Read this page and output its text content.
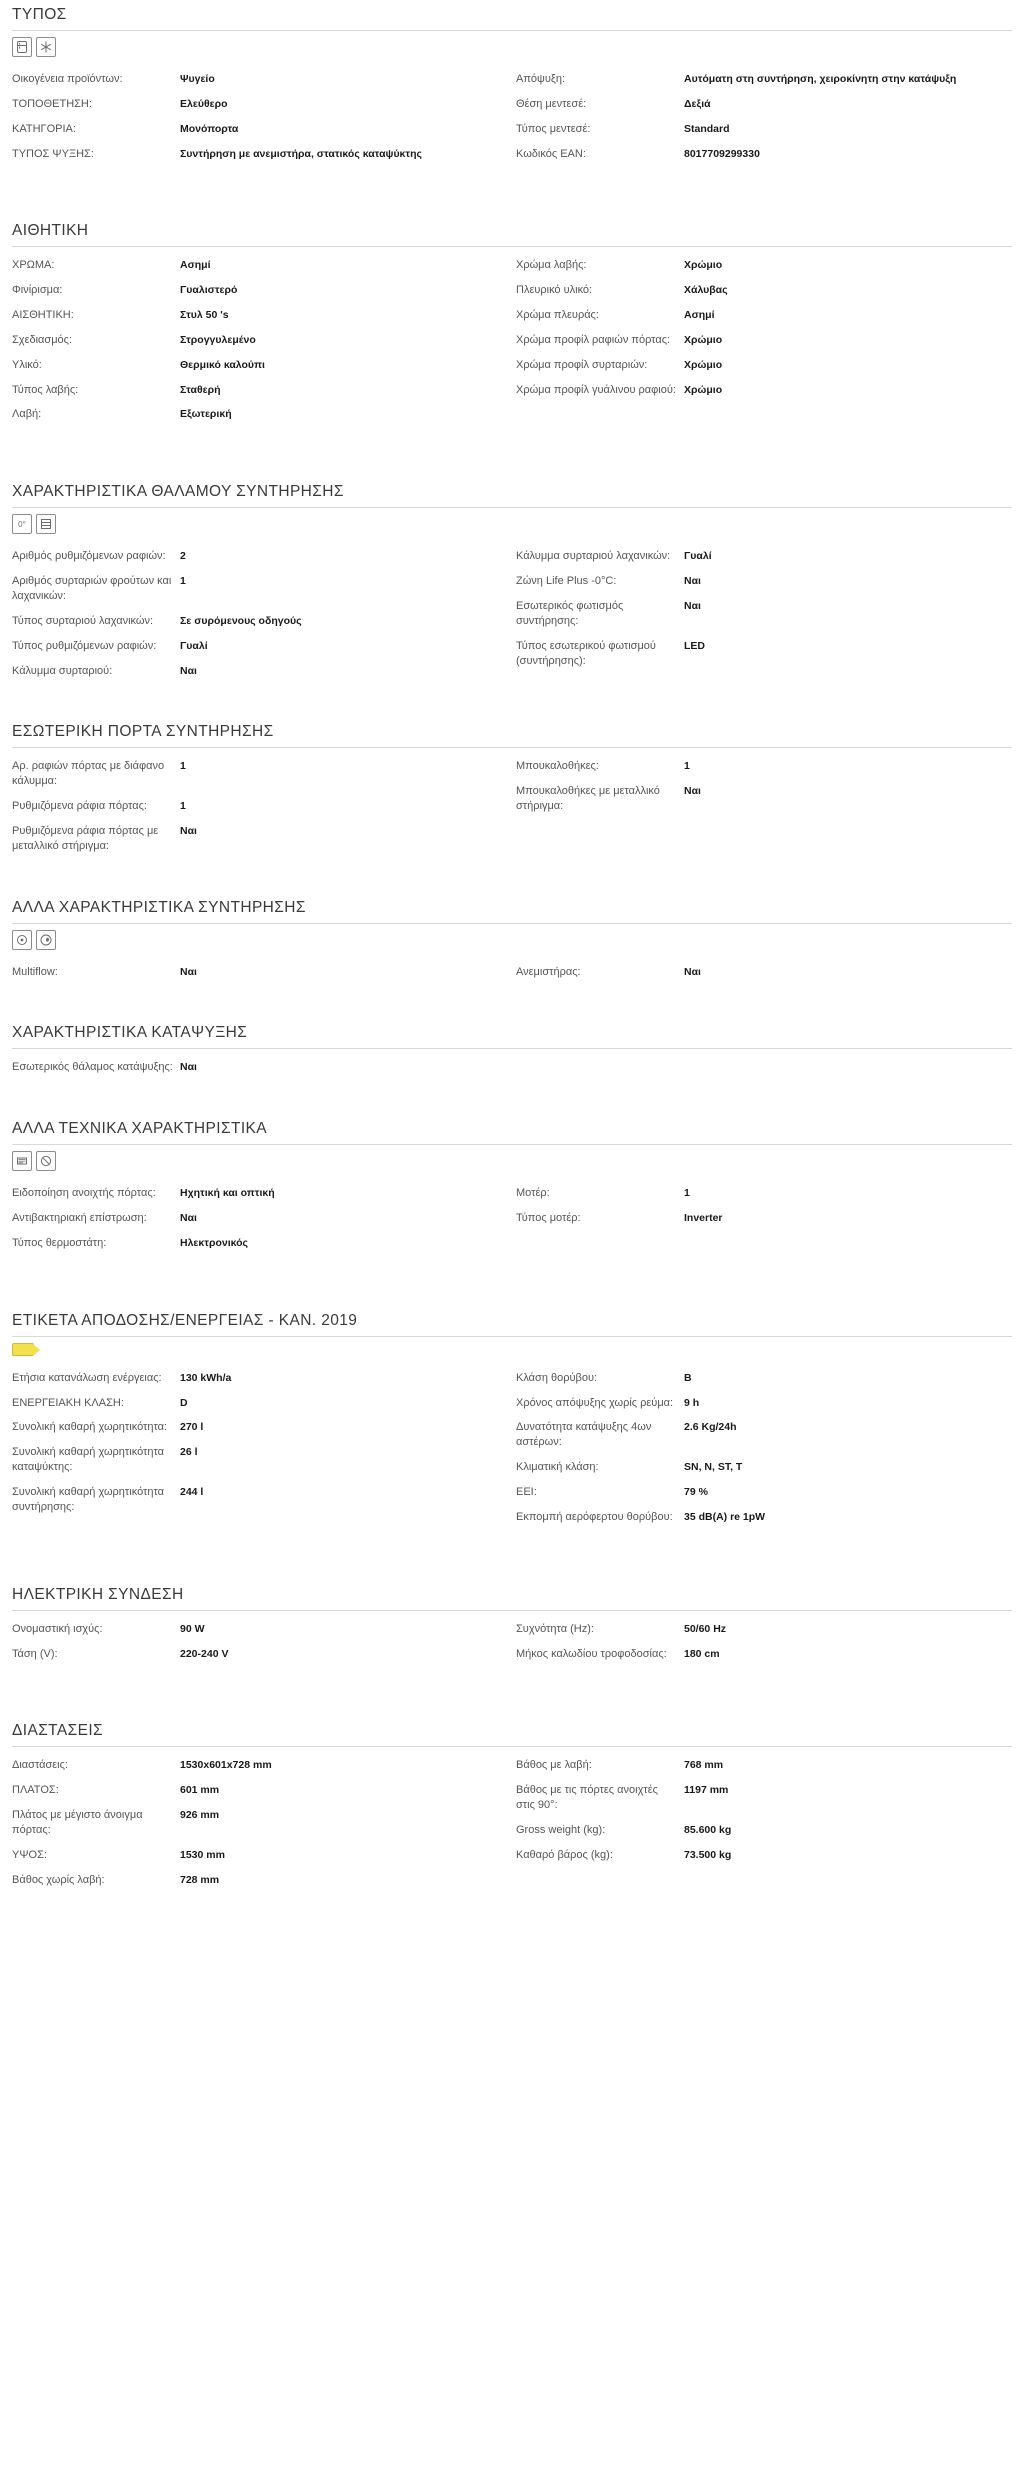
ΤΥΠΟΣ
Οικογένεια προϊόντων:	Ψυγείο
ΤΟΠΟΘΕΤΗΣΗ:	Ελεύθερο
ΚΑΤΗΓΟΡΙΑ:	Μονόπορτα
ΤΥΠΟΣ ΨΥΞΗΣ:	Συντήρηση με ανεμιστήρα, στατικός καταψύκτης
Απόψυξη:	Αυτόματη στη συντήρηση, χειροκίνητη στην κατάψυξη
Θέση μεντεσέ:	Δεξιά
Τύπος μεντεσέ:	Standard
Κωδικός ΕΑΝ:	8017709299330
ΑΙΘΗΤΙΚΗ
ΧΡΩΜΑ:	Ασημί
Φινίρισμα:	Γυαλιστερό
ΑΙΣΘΗΤΙΚΗ:	Στυλ 50 's
Σχεδιασμός:	Στρογγυλεμένο
Υλικό:	Θερμικό καλούπι
Τύπος λαβής:	Σταθερή
Λαβή:	Εξωτερική
Χρώμα λαβής:	Χρώμιο
Πλευρικό υλικό:	Χάλυβας
Χρώμα πλευράς:	Ασημί
Χρώμα προφίλ ραφιών πόρτας:	Χρώμιο
Χρώμα προφίλ συρταριών:	Χρώμιο
Χρώμα προφίλ γυάλινου ραφιού: Χρώμιο
ΧΑΡΑΚΤΗΡΙΣΤΙΚΑ ΘΑΛΑΜΟΥ ΣΥΝΤΗΡΗΣΗΣ
0°
Αριθμός ρυθμιζόμενων ραφιών:	2
Αριθμός συρταριών φρούτων και λαχανικών:
1
Τύπος συρταριού λαχανικών:	Σε συρόμενους οδηγούς
Τύπος ρυθμιζόμενων ραφιών:	Γυαλί
Κάλυμμα συρταριού:	Ναι
Κάλυμμα συρταριού λαχανικών:	Γυαλί
Ζώνη Life Plus -0°C:	Ναι
Εσωτερικός φωτισμός συντήρησης:
Ναι
Τύπος εσωτερικού φωτισμού (συντήρησης):
LED
ΕΣΩΤΕΡΙΚΗ ΠΟΡΤΑ ΣΥΝΤΗΡΗΣΗΣ
Αρ. ραφιών πόρτας με διάφανο κάλυμμα:
1
Ρυθμιζόμενα ράφια πόρτας:	1
Ρυθμιζόμενα ράφια πόρτας με μεταλλικό στήριγμα:
Ναι
Μπουκαλοθήκες:	1
Μπουκαλοθήκες με μεταλλικό στήριγμα:
Ναι
ΑΛΛΑ ΧΑΡΑΚΤΗΡΙΣΤΙΚΑ ΣΥΝΤΗΡΗΣΗΣ
Multiflow:	Ναι	Ανεμιστήρας:	Ναι
ΧΑΡΑΚΤΗΡΙΣΤΙΚΑ ΚΑΤΑΨΥΞΗΣ
Εσωτερικός θάλαμος κατάψυξης: Ναι
ΑΛΛΑ ΤΕΧΝΙΚΑ ΧΑΡΑΚΤΗΡΙΣΤΙΚΑ
Ειδοποίηση ανοιχτής πόρτας:	Ηχητική και οπτική
Αντιβακτηριακή επίστρωση:	Ναι
Τύπος θερμοστάτη:	Ηλεκτρονικός
Μοτέρ:	1
Τύπος μοτέρ:	Inverter
ΕΤΙΚΕΤΑ ΑΠΟΔΟΣΗΣ/ΕΝΕΡΓΕΙΑΣ - ΚΑΝ. 2019
Ετήσια κατανάλωση ενέργειας:	130 kWh/a
ΕΝΕΡΓΕΙΑΚΗ ΚΛΑΣΗ:	D
Συνολική καθαρή χωρητικότητα:	270 l
Συνολική καθαρή χωρητικότητα καταψύκτης:
26 l
Συνολική καθαρή χωρητικότητα συντήρησης:
244 l
Κλάση θορύβου:	B
Χρόνος απόψυξης χωρίς ρεύμα:	9 h
Δυνατότητα κατάψυξης 4ων αστέρων:
2.6 Kg/24h
Κλιματική κλάση:	SN, N, ST, T
EEI:	79 %
Εκπομπή αερόφερτου θορύβου:	35 dB(A) re 1pW
ΗΛΕΚΤΡΙΚΗ ΣΥΝΔΕΣΗ
Ονομαστική ισχύς:	90 W
Τάση (V):	220-240 V
Συχνότητα (Hz):	50/60 Hz
Μήκος καλωδίου τροφοδοσίας:	180 cm
ΔΙΑΣΤΑΣΕΙΣ
Διαστάσεις:	1530x601x728 mm
ΠΛΑΤΟΣ:	601 mm
Πλάτος με μέγιστο άνοιγμα πόρτας:
926 mm
ΥΨΟΣ:	1530 mm
Βάθος χωρίς λαβή:	728 mm
Βάθος με λαβή:	768 mm
Βάθος με τις πόρτες ανοιχτές στις 90°:
1197 mm
Gross weight (kg):	85.600 kg
Καθαρό βάρος (kg):	73.500 kg
